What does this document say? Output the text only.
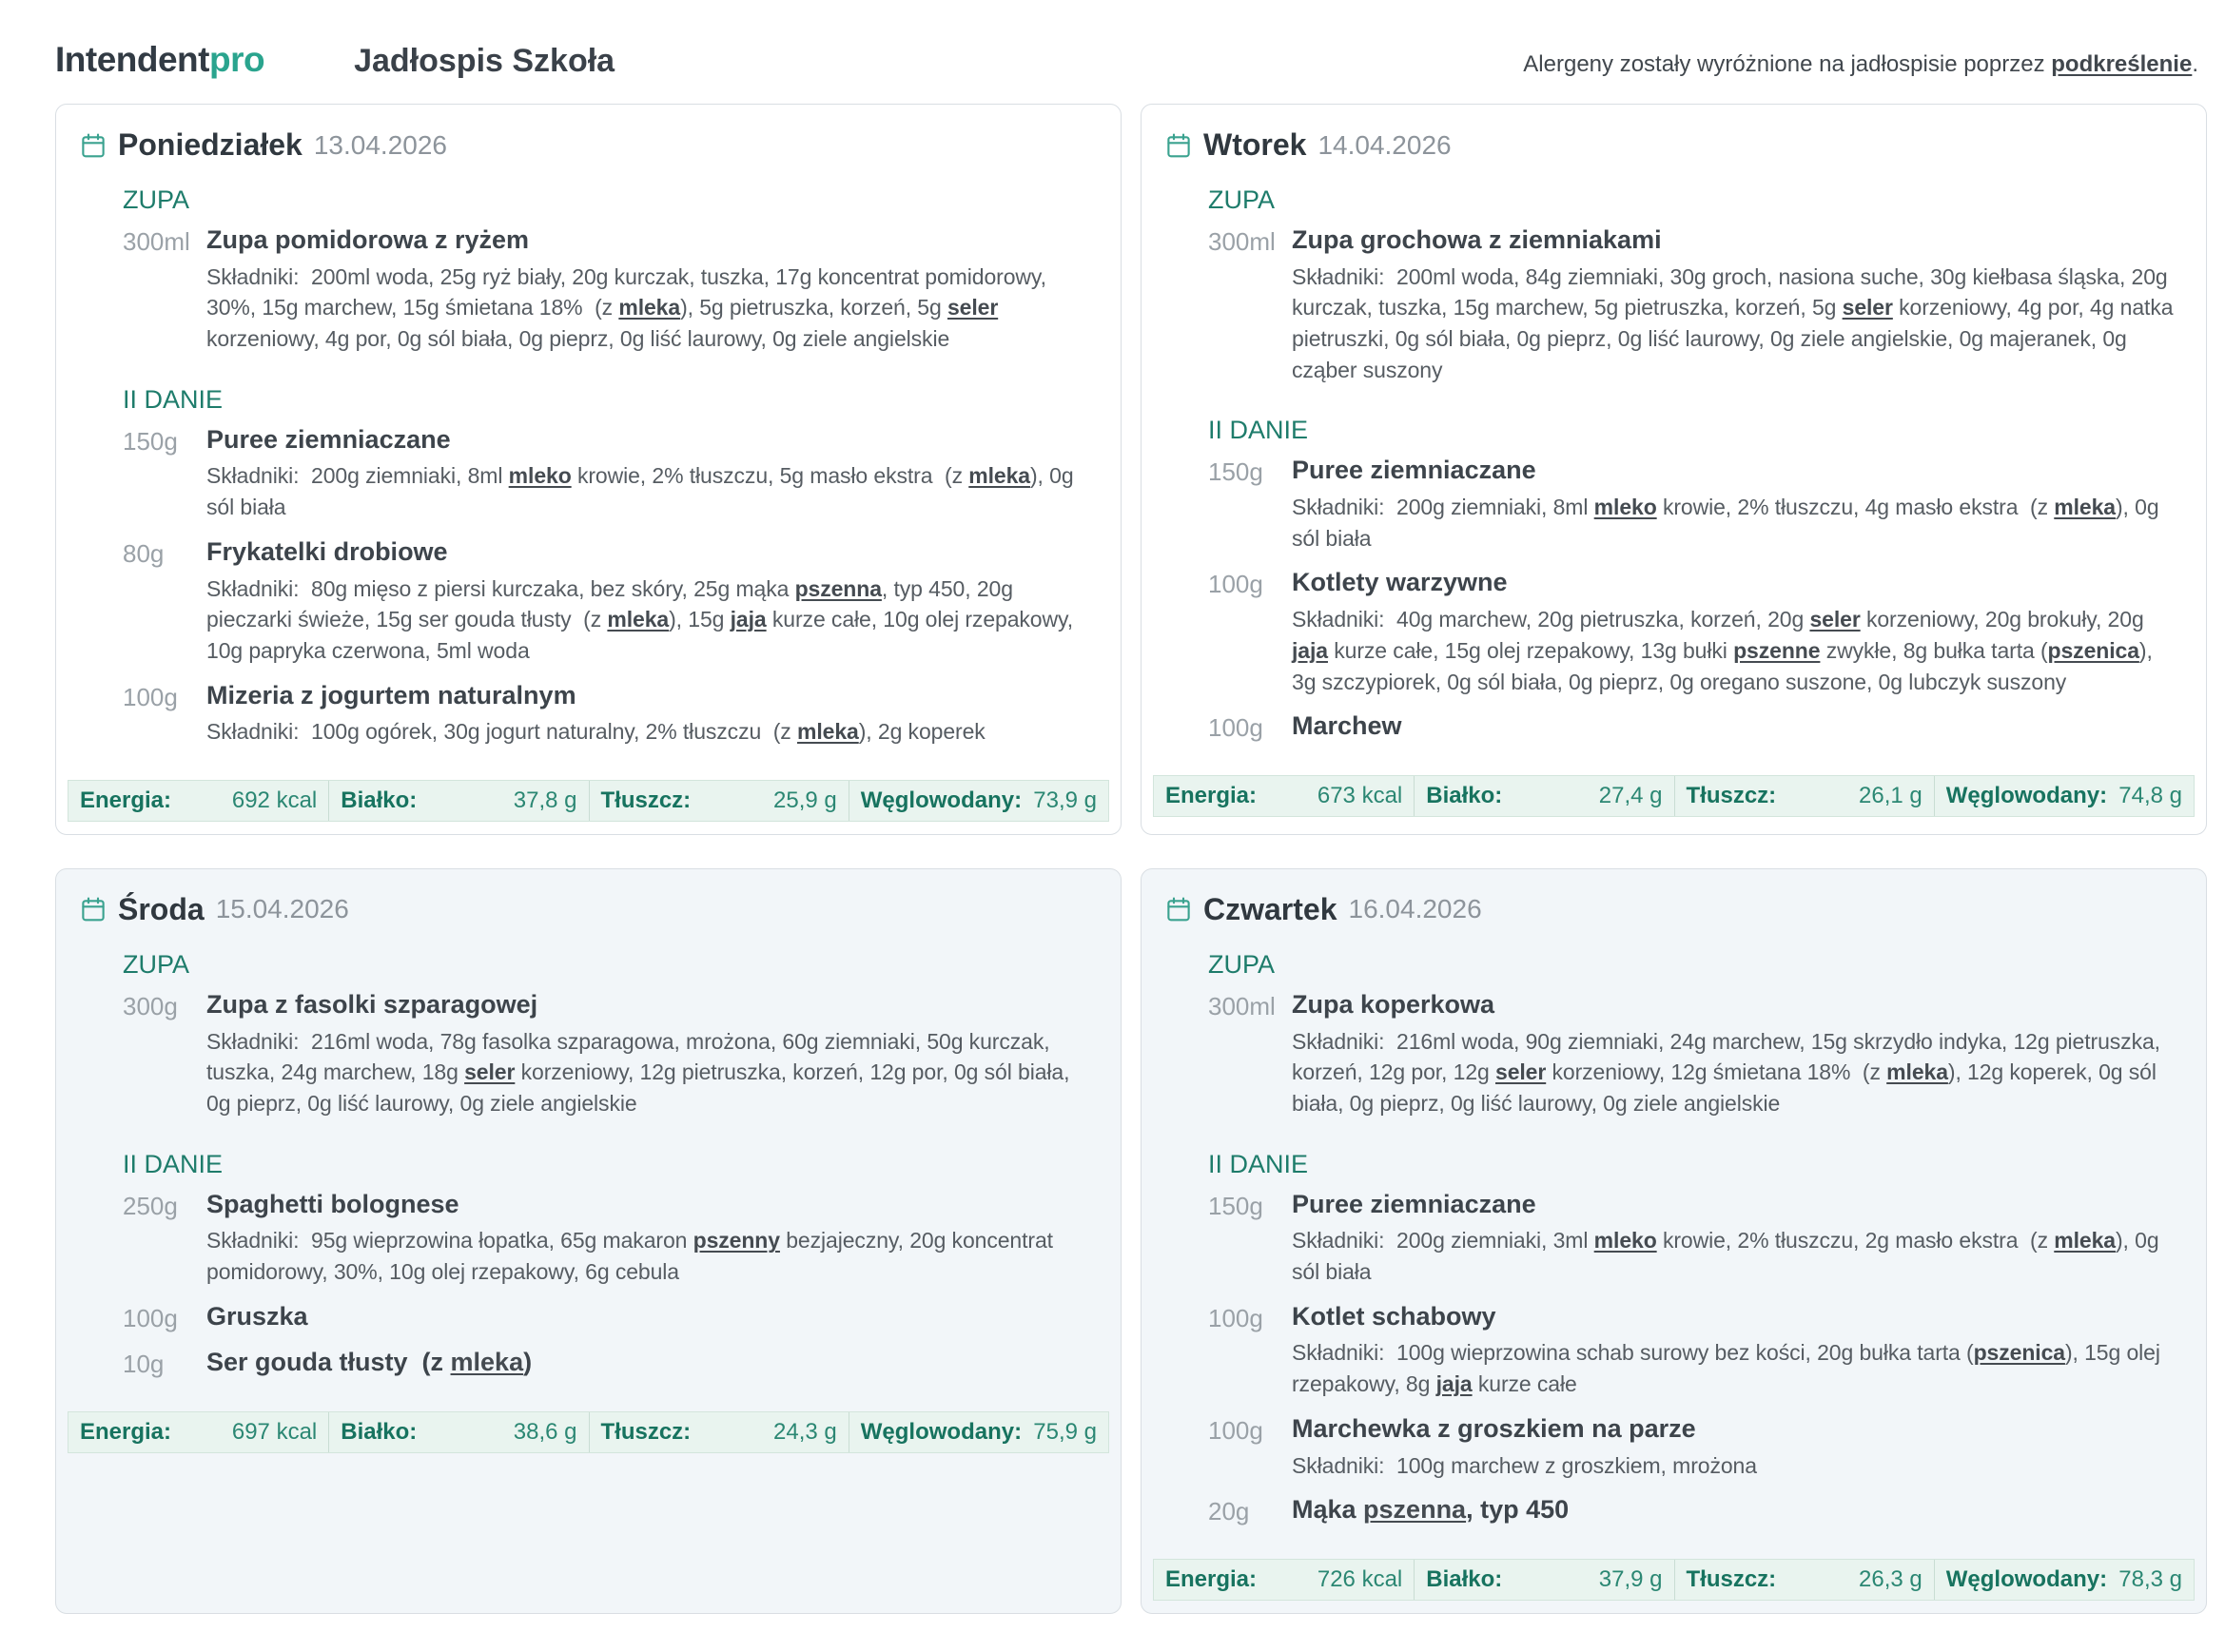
Intendentpro	Jadłospis Szkoła	Alergeny zostały wyróżnione na jadłospisie poprzez podkreślenie.
Poniedziałek 13.04.2026
ZUPA
300ml Zupa pomidorowa z ryżem
Składniki:  200ml woda, 25g ryż biały, 20g kurczak, tuszka, 17g koncentrat pomidorowy, 30%, 15g marchew, 15g śmietana 18%  (z mleka), 5g pietruszka, korzeń, 5g seler korzeniowy, 4g por, 0g sól biała, 0g pieprz, 0g liść laurowy, 0g ziele angielskie
II DANIE
150g	Puree ziemniaczane
Składniki:  200g ziemniaki, 8ml mleko krowie, 2% tłuszczu, 5g masło ekstra  (z mleka), 0g sól biała
80g	Frykatelki drobiowe
Składniki:  80g mięso z piersi kurczaka, bez skóry, 25g mąka pszenna, typ 450, 20g pieczarki świeże, 15g ser gouda tłusty  (z mleka), 15g jaja kurze całe, 10g olej rzepakowy, 10g papryka czerwona, 5ml woda
100g	Mizeria z jogurtem naturalnym
Składniki:  100g ogórek, 30g jogurt naturalny, 2% tłuszczu  (z mleka), 2g koperek
Energia:	692 kcal Białko:	37,8 g Tłuszcz:	25,9 g Węglowodany: 73,9 g
Wtorek 14.04.2026
ZUPA
300ml Zupa grochowa z ziemniakami
Składniki:  200ml woda, 84g ziemniaki, 30g groch, nasiona suche, 30g kiełbasa śląska, 20g kurczak, tuszka, 15g marchew, 5g pietruszka, korzeń, 5g seler korzeniowy, 4g por, 4g natka pietruszki, 0g sól biała, 0g pieprz, 0g liść laurowy, 0g ziele angielskie, 0g majeranek, 0g cząber suszony
II DANIE
150g	Puree ziemniaczane
Składniki:  200g ziemniaki, 8ml mleko krowie, 2% tłuszczu, 4g masło ekstra  (z mleka), 0g sól biała
100g	Kotlety warzywne
Składniki:  40g marchew, 20g pietruszka, korzeń, 20g seler korzeniowy, 20g brokuły, 20g jaja kurze całe, 15g olej rzepakowy, 13g bułki pszenne zwykłe, 8g bułka tarta (pszenica), 3g szczypiorek, 0g sól biała, 0g pieprz, 0g oregano suszone, 0g lubczyk suszony
100g	Marchew
Energia:	673 kcal Białko:	27,4 g Tłuszcz:	26,1 g Węglowodany: 74,8 g
Środa 15.04.2026
ZUPA
300g	Zupa z fasolki szparagowej
Składniki:  216ml woda, 78g fasolka szparagowa, mrożona, 60g ziemniaki, 50g kurczak, tuszka, 24g marchew, 18g seler korzeniowy, 12g pietruszka, korzeń, 12g por, 0g sól biała, 0g pieprz, 0g liść laurowy, 0g ziele angielskie
II DANIE
250g	Spaghetti bolognese
Składniki:  95g wieprzowina łopatka, 65g makaron pszenny bezjajeczny, 20g koncentrat pomidorowy, 30%, 10g olej rzepakowy, 6g cebula
100g	Gruszka
10g	Ser gouda tłusty  (z mleka)
Energia:	697 kcal Białko:	38,6 g Tłuszcz:	24,3 g Węglowodany: 75,9 g
Czwartek 16.04.2026
ZUPA
300ml Zupa koperkowa
Składniki:  216ml woda, 90g ziemniaki, 24g marchew, 15g skrzydło indyka, 12g pietruszka, korzeń, 12g por, 12g seler korzeniowy, 12g śmietana 18%  (z mleka), 12g koperek, 0g sól biała, 0g pieprz, 0g liść laurowy, 0g ziele angielskie
II DANIE
150g	Puree ziemniaczane
Składniki:  200g ziemniaki, 3ml mleko krowie, 2% tłuszczu, 2g masło ekstra  (z mleka), 0g sól biała
100g	Kotlet schabowy
Składniki:  100g wieprzowina schab surowy bez kości, 20g bułka tarta (pszenica), 15g olej rzepakowy, 8g jaja kurze całe
100g	Marchewka z groszkiem na parze
Składniki:  100g marchew z groszkiem, mrożona
20g	Mąka pszenna, typ 450
Energia:	726 kcal Białko:	37,9 g Tłuszcz:	26,3 g Węglowodany: 78,3 g
